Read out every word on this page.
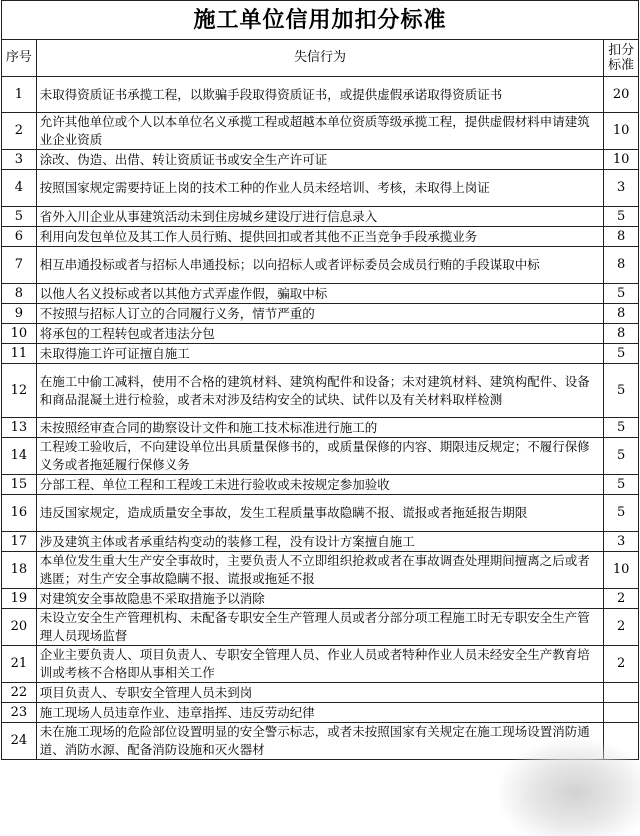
施工单位信用加扣分标准		
序号	失信行为	扣分标准
1	未取得资质证书承揽工程，以欺骗手段取得资质证书，或提供虚假承诺取得资质证书	20
2	允许其他单位或个人以本单位名义承揽工程或超越本单位资质等级承揽工程，提供虚假材料申请建筑业企业资质	10
3	涂改、伪造、出借、转让资质证书或安全生产许可证	10
4	按照国家规定需要持证上岗的技术工种的作业人员未经培训、考核，未取得上岗证	3
5	省外入川企业从事建筑活动未到住房城乡建设厅进行信息录入	5
6	利用向发包单位及其工作人员行贿、提供回扣或者其他不正当竞争手段承揽业务	8
7	相互串通投标或者与招标人串通投标；以向招标人或者评标委员会成员行贿的手段谋取中标	8
8	以他人名义投标或者以其他方式弄虚作假，骗取中标	5
9	不按照与招标人订立的合同履行义务，情节严重的	8
10	将承包的工程转包或者违法分包	8
11	未取得施工许可证擅自施工	5
12	在施工中偷工减料，使用不合格的建筑材料、建筑构配件和设备；未对建筑材料、建筑构配件、设备和商品混凝土进行检验，或者未对涉及结构安全的试块、试件以及有关材料取样检测	5
13	未按照经审查合同的勘察设计文件和施工技术标准进行施工的	5
14	工程竣工验收后，不向建设单位出具质量保修书的，或质量保修的内容、期限违反规定；不履行保修义务或者拖延履行保修义务	5
15	分部工程、单位工程和工程竣工未进行验收或未按规定参加验收	5
16	违反国家规定，造成质量安全事故，发生工程质量事故隐瞒不报、谎报或者拖延报告期限	5
17	涉及建筑主体或者承重结构变动的装修工程，没有设计方案擅自施工	3
18	本单位发生重大生产安全事故时，主要负责人不立即组织抢救或者在事故调查处理期间擅离之后或者逃匿；对生产安全事故隐瞒不报、谎报或拖延不报	10
19	对建筑安全事故隐患不采取措施予以消除	2
20	未设立安全生产管理机构、未配备专职安全生产管理人员或者分部分项工程施工时无专职安全生产管理人员现场监督	2
21	企业主要负责人、项目负责人、专职安全管理人员、作业人员或者特种作业人员未经安全生产教育培训或考核不合格即从事相关工作	2
22	项目负责人、专职安全管理人员未到岗	
23	施工现场人员违章作业、违章指挥、违反劳动纪律	
24	未在施工现场的危险部位设置明显的安全警示标志，或者未按照国家有关规定在施工现场设置消防通道、消防水源、配备消防设施和灭火器材	
